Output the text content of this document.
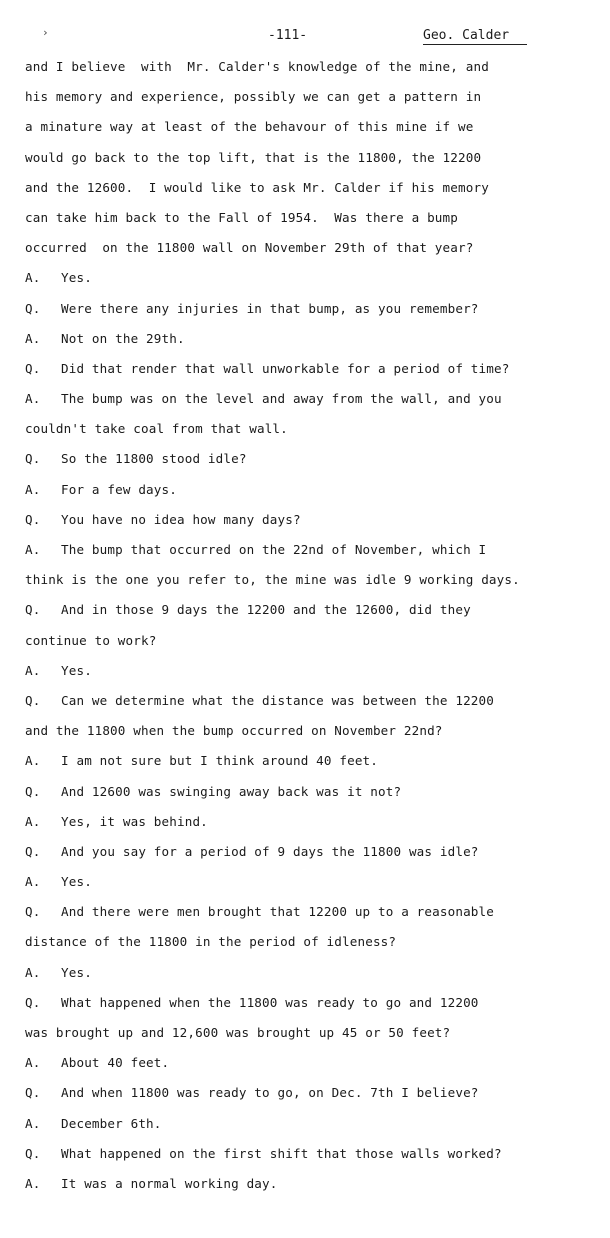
›	-111-	Geo. Calder
and I believe  with  Mr. Calder's knowledge of the mine, and
his memory and experience, possibly we can get a pattern in
a minature way at least of the behavour of this mine if we
would go back to the top lift, that is the 11800, the 12200
and the 12600.  I would like to ask Mr. Calder if his memory
can take him back to the Fall of 1954.  Was there a bump
occurred  on the 11800 wall on November 29th of that year?
A. Yes.
Q. Were there any injuries in that bump, as you remember?
A. Not on the 29th.
Q. Did that render that wall unworkable for a period of time?
A. The bump was on the level and away from the wall, and you
couldn't take coal from that wall.
Q. So the 11800 stood idle?
A. For a few days.
Q. You have no idea how many days?
A. The bump that occurred on the 22nd of November, which I
think is the one you refer to, the mine was idle 9 working days.
Q. And in those 9 days the 12200 and the 12600, did they
continue to work?
A. Yes.
Q. Can we determine what the distance was between the 12200
and the 11800 when the bump occurred on November 22nd?
A. I am not sure but I think around 40 feet.
Q. And 12600 was swinging away back was it not?
A. Yes, it was behind.
Q. And you say for a period of 9 days the 11800 was idle?
A. Yes.
Q. And there were men brought that 12200 up to a reasonable
distance of the 11800 in the period of idleness?
A. Yes.
Q. What happened when the 11800 was ready to go and 12200
was brought up and 12,600 was brought up 45 or 50 feet?
A. About 40 feet.
Q. And when 11800 was ready to go, on Dec. 7th I believe?
A. December 6th.
Q. What happened on the first shift that those walls worked?
A. It was a normal working day.
